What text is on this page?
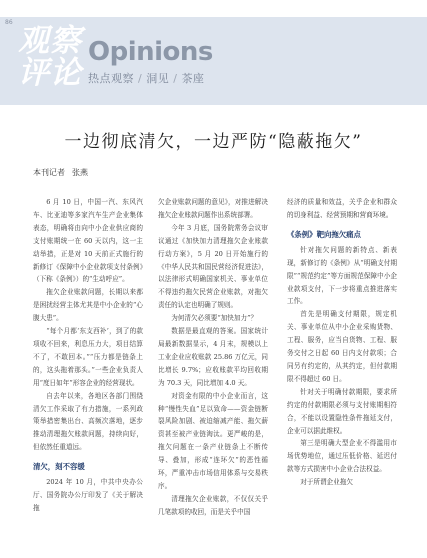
86
观察
评论
Opinions
热点观察 / 洞见 / 茶座
一边彻底清欠，一边严防“隐蔽拖欠”
本刊记者 张燕

6 月 10 日，中国一汽、东风汽车、比亚迪等多家汽车生产企业集体表态，明确将由向中小企业供应商的支付账期统一在 60 天以内，这一主动举措，正是对 10 天前正式施行的新修订《保障中小企业款项支付条例》（下称《条例》）的“生动呼应”。

拖欠企业账款问题，长期以来都是困扰经营主体尤其是中小企业的“心腹大患”。

“每个月都‘东支西补’，到了的款项收不回来，利息压力大，项目结算不了，不敢回本。”“压力都是链条上的，这头拖着那头。”一些企业负责人用“度日如年”形容企业的经营现状。

自去年以来，各地区各部门围绕清欠工作采取了有力措施，一系列政策举措密集出台、高频次落地，逐步推动清理拖欠账款问题，持续向好，但依然任重道远。

清欠，刻不容缓

2024 年 10 月，中共中央办公厅、国务院办公厅印发了《关于解决拖

欠企业账款问题的意见》，对推进解决拖欠企业账款问题作出系统部署。

今年 3 月底，国务院常务会议审议通过《加快加力清理拖欠企业账款行动方案》，5 月 20 日开始施行的《中华人民共和国民营经济促进法》，以法律形式明确国家机关、事业单位不得违约拖欠民营企业账款，对拖欠责任的认定也明确了规则。

为何清欠必须要“加快加力”？

数据是最直观的答案。国家统计局最新数据显示，4 月末，规模以上工业企业应收账款 25.86 万亿元，同比增长 9.7%；应收账款平均回收期为 70.3 天，同比增加 4.0 天。

对资金有限的中小企业而言，这种“慢性失血”足以致命——资金链断裂风险加剧、被迫缩减产能、拖欠薪资甚至被产业链淘汰。更严峻的是，拖欠问题在一条产业链条上不断传导、叠加，形成“连环欠”的恶性循环，严重冲击市场信用体系与交易秩序。

清理拖欠企业账款，不仅仅关乎几笔款项的收回，而是关乎中国

经济的质量和效益，关乎企业和群众的切身利益、经营预期和营商环境。

《条例》靶向拖欠痛点

针对拖欠问题的新特点、新表现，新修订的《条例》从“明确支付期限”“规范约定”等方面规范保障中小企业款项支付，下一步将重点推进落实工作。

首先是明确支付期限，规定机关、事业单位从中小企业采购货物、工程、服务，应当自货物、工程、服务交付之日起 60 日内支付款项；合同另有约定的，从其约定，但付款期限不得超过 60 日。

针对关于明确付款期限，要求所约定的付款期限必须与支付账期相符合，不能以设置隐性条件拖延支付，企业可以据此维权。

第三是明确大型企业不得滥用市场优势地位，通过压低价格、延迟付款等方式损害中小企业合法权益。

对于所谓企业拖欠
